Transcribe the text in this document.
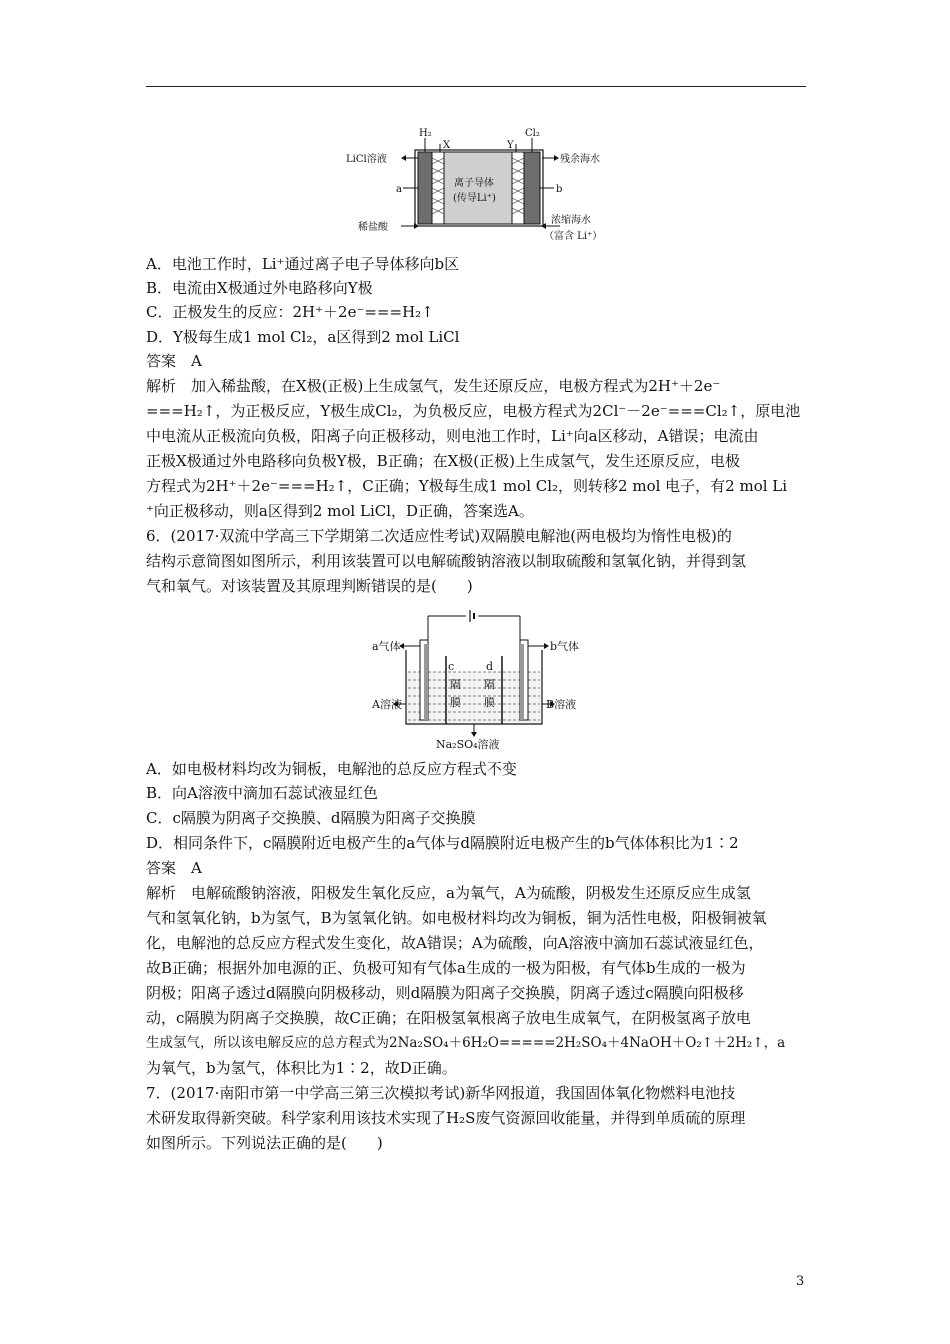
H₂
X	Y
Cl₂
LiCl溶液
a
稀盐酸
离子导体
(传导Li⁺)
残余海水
b
浓缩海水
（富含 Li⁺）
A．电池工作时，Li⁺通过离子电子导体移向b区
B．电流由X极通过外电路移向Y极
C．正极发生的反应：2H⁺＋2e⁻===H₂↑
D．Y极每生成1 mol Cl₂，a区得到2 mol LiCl
答案　A
解析　加入稀盐酸，在X极(正极)上生成氢气，发生还原反应，电极方程式为2H⁺＋2e⁻
===H₂↑，为正极反应，Y极生成Cl₂，为负极反应，电极方程式为2Cl⁻－2e⁻===Cl₂↑，原电池
中电流从正极流向负极，阳离子向正极移动，则电池工作时，Li⁺向a区移动，A错误；电流由
正极X极通过外电路移向负极Y极，B正确；在X极(正极)上生成氢气，发生还原反应，电极
方程式为2H⁺＋2e⁻===H₂↑，C正确；Y极每生成1 mol Cl₂，则转移2 mol 电子，有2 mol Li
⁺向正极移动，则a区得到2 mol LiCl，D正确，答案选A。
6．(2017·双流中学高三下学期第二次适应性考试)双隔膜电解池(两电极均为惰性电极)的
结构示意简图如图所示，利用该装置可以电解硫酸钠溶液以制取硫酸和氢氧化钠，并得到氢
气和氧气。对该装置及其原理判断错误的是(　　)
a气体	b气体
c	d
隔
膜
隔
膜
A溶液	B溶液
Na₂SO₄溶液
A．如电极材料均改为铜板，电解池的总反应方程式不变
B．向A溶液中滴加石蕊试液显红色
C．c隔膜为阴离子交换膜、d隔膜为阳离子交换膜
D．相同条件下，c隔膜附近电极产生的a气体与d隔膜附近电极产生的b气体体积比为1∶2
答案　A
解析　电解硫酸钠溶液，阳极发生氧化反应，a为氧气，A为硫酸，阴极发生还原反应生成氢
气和氢氧化钠，b为氢气，B为氢氧化钠。如电极材料均改为铜板，铜为活性电极，阳极铜被氧
化，电解池的总反应方程式发生变化，故A错误；A为硫酸，向A溶液中滴加石蕊试液显红色，
故B正确；根据外加电源的正、负极可知有气体a生成的一极为阳极，有气体b生成的一极为
阴极；阳离子透过d隔膜向阴极移动，则d隔膜为阳离子交换膜，阴离子透过c隔膜向阳极移
动，c隔膜为阴离子交换膜，故C正确；在阳极氢氧根离子放电生成氧气，在阴极氢离子放电
生成氢气，所以该电解反应的总方程式为2Na₂SO₄＋6H₂O=====2H₂SO₄＋4NaOH＋O₂↑＋2H₂↑，a
为氧气，b为氢气，体积比为1∶2，故D正确。
7．(2017·南阳市第一中学高三第三次模拟考试)新华网报道，我国固体氧化物燃料电池技
术研发取得新突破。科学家利用该技术实现了H₂S废气资源回收能量，并得到单质硫的原理
如图所示。下列说法正确的是(　　)
3
